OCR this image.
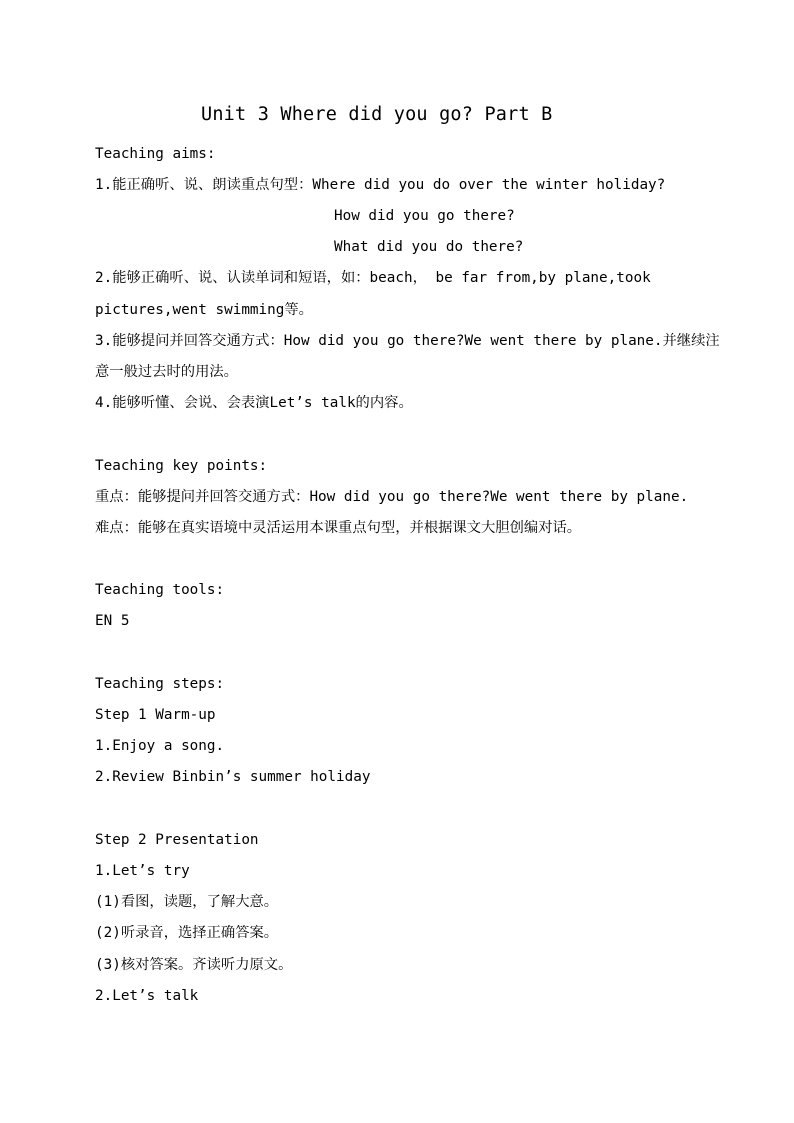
Unit 3 Where did you go? Part B
Teaching aims:
1.能正确听、说、朗读重点句型：Where did you do over the winter holiday?
How did you go there?
What did you do there?
2.能够正确听、说、认读单词和短语，如：beach， be far from,by plane,took
pictures,went swimming等。
3.能够提问并回答交通方式：How did you go there?We went there by plane.并继续注
意一般过去时的用法。
4.能够听懂、会说、会表演Let’s talk的内容。
Teaching key points:
重点：能够提问并回答交通方式：How did you go there?We went there by plane.
难点：能够在真实语境中灵活运用本课重点句型，并根据课文大胆创编对话。
Teaching tools:
EN 5
Teaching steps:
Step 1 Warm-up
1.Enjoy a song.
2.Review Binbin’s summer holiday
Step 2 Presentation
1.Let’s try
(1)看图，读题，了解大意。
(2)听录音，选择正确答案。
(3)核对答案。齐读听力原文。
2.Let’s talk
